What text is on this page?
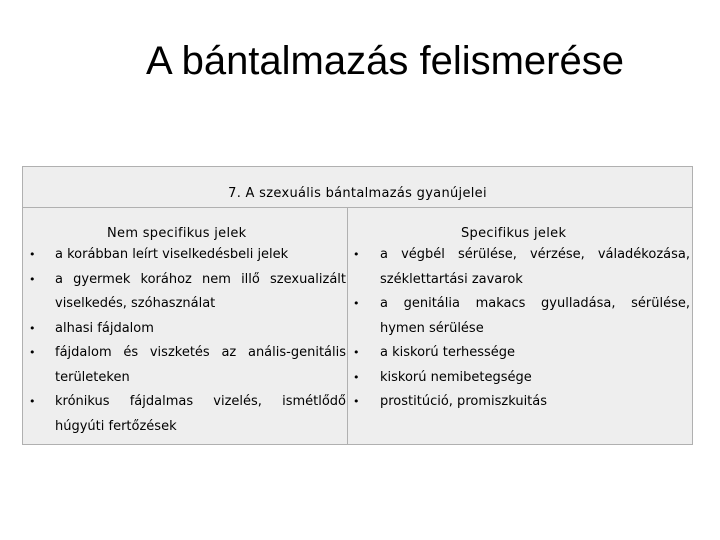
A bántalmazás felismerése
7. A szexuális bántalmazás gyanújelei
Nem specifikus jelek	Specifikus jelek
• a korábban leírt viselkedésbeli jelek
• a gyermek korához nem illő szexualizált viselkedés, szóhasználat
• alhasi fájdalom
• fájdalom és viszketés az anális-genitális területeken
• krónikus fájdalmas vizelés, ismétlődő húgyúti fertőzések
• a végbél sérülése, vérzése, váladékozása, széklettartási zavarok
• a genitália makacs gyulladása, sérülése, hymen sérülése
• a kiskorú terhessége
• kiskorú nemibetegsége
• prostitúció, promiszkuitás
